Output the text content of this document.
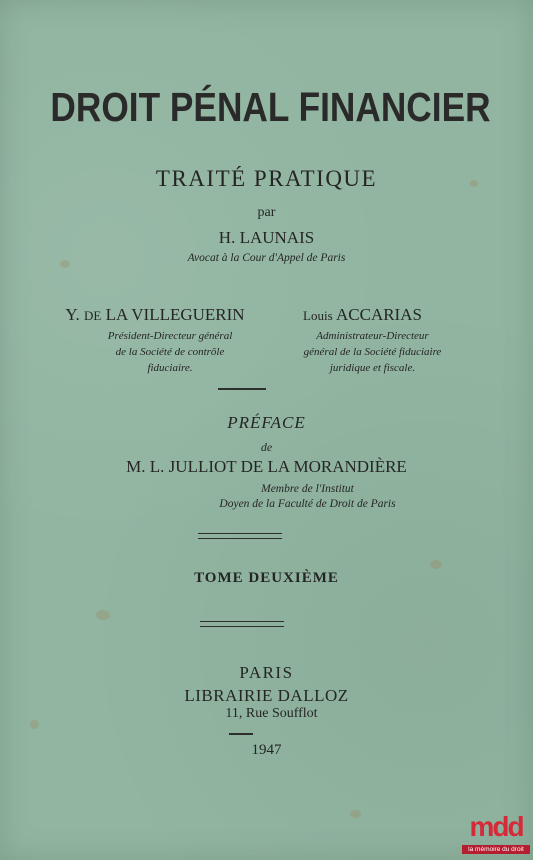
DROIT PÉNAL FINANCIER
TRAITÉ PRATIQUE
par
H. LAUNAIS
Avocat à la Cour d'Appel de Paris
Y. DE LA VILLEGUERIN
Président-Directeur général
de la Société de contrôle
fiduciaire.
Louis ACCARIAS
Administrateur-Directeur
général de la Société fiduciaire
juridique et fiscale.
PRÉFACE
de
M. L. JULLIOT DE LA MORANDIÈRE
Membre de l'Institut
Doyen de la Faculté de Droit de Paris
TOME DEUXIÈME
PARIS
LIBRAIRIE DALLOZ
11, Rue Soufflot
1947
mdd
la mémoire du droit
